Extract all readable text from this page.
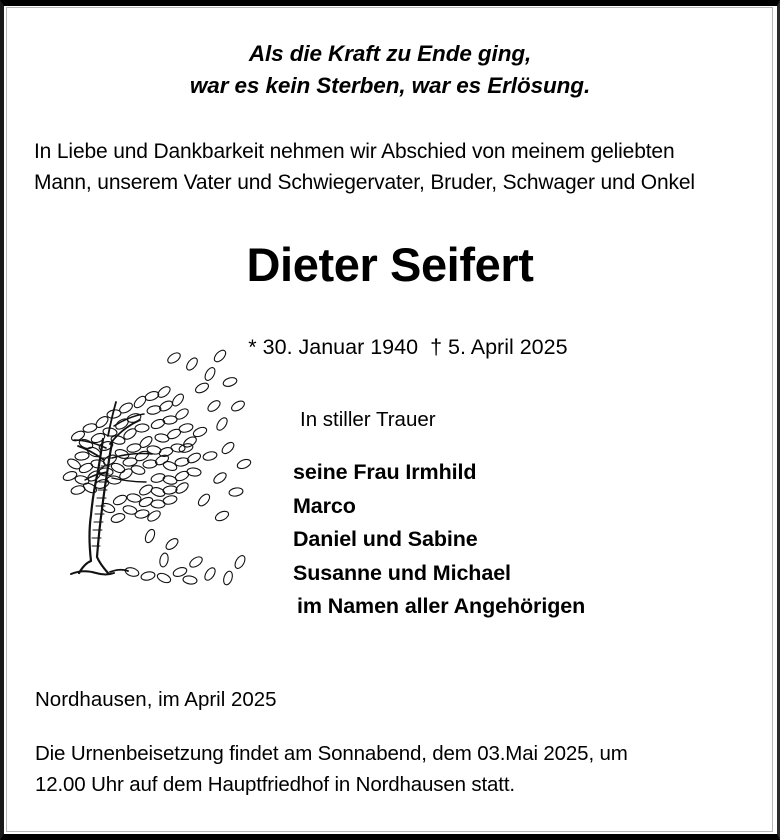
Als die Kraft zu Ende ging,
war es kein Sterben, war es Erlösung.
In Liebe und Dankbarkeit nehmen wir Abschied von meinem geliebten
Mann, unserem Vater und Schwiegervater, Bruder, Schwager und Onkel
Dieter Seifert

* 30. Januar 1940 † 5. April 2025

In stiller Trauer
seine Frau Irmhild
Marco
Daniel und Sabine
Susanne und Michael
im Namen aller Angehörigen
Nordhausen, im April 2025
Die Urnenbeisetzung findet am Sonnabend, dem 03.Mai 2025, um
12.00 Uhr auf dem Hauptfriedhof in Nordhausen statt.
